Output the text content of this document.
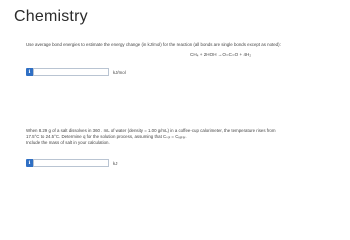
Chemistry
Use average bond energies to estimate the energy change (in kJ/mol) for the reaction (all bonds are single bonds except as noted):
CH₄ + 2HOH →O=C=O + 4H₂
i	kJ/mol
When 8.29 g of a salt dissolves in 360 . mL of water (density = 1.00 g/mL) in a coffee-cup calorimeter, the temperature rises from
17.5°C to 24.5°C. Determine q for the solution process, assuming that Cₛₒₗ = Cᵥₐₜₑᵣ.
Include the mass of salt in your calculation.
i	kJ
